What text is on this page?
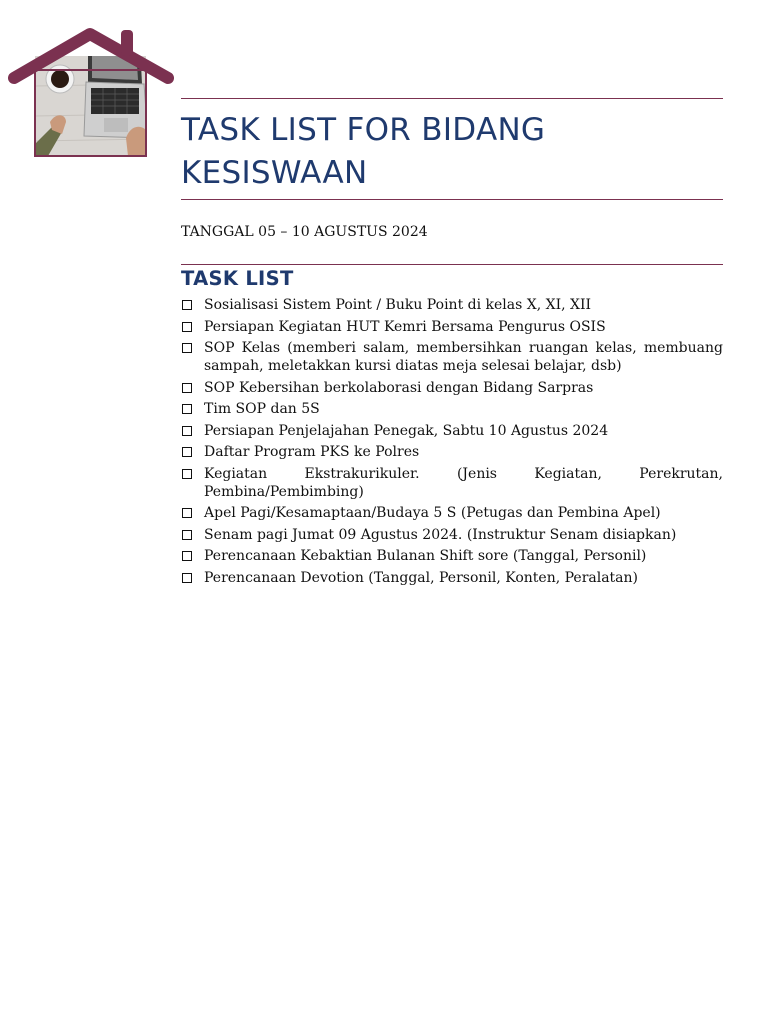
TASK LIST FOR BIDANG KESISWAAN
TANGGAL 05 – 10 AGUSTUS 2024
TASK LIST
Sosialisasi Sistem Point / Buku Point di kelas X, XI, XII
Persiapan Kegiatan HUT Kemri Bersama Pengurus OSIS
SOP Kelas (memberi salam, membersihkan ruangan kelas, membuang sampah, meletakkan kursi diatas meja selesai belajar, dsb)
SOP Kebersihan berkolaborasi dengan Bidang Sarpras
Tim SOP dan 5S
Persiapan Penjelajahan Penegak, Sabtu 10 Agustus 2024
Daftar Program PKS ke Polres
Kegiatan Ekstrakurikuler. (Jenis Kegiatan, Perekrutan, Pembina/Pembimbing)
Apel Pagi/Kesamaptaan/Budaya 5 S (Petugas dan Pembina Apel)
Senam pagi Jumat 09 Agustus 2024. (Instruktur Senam disiapkan)
Perencanaan Kebaktian Bulanan Shift sore (Tanggal, Personil)
Perencanaan Devotion (Tanggal, Personil, Konten, Peralatan)
